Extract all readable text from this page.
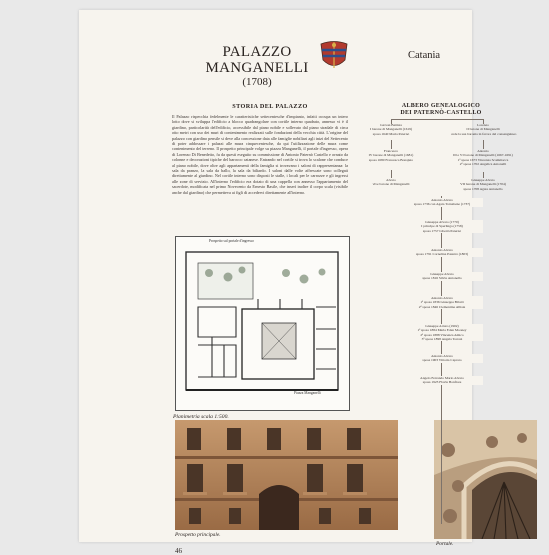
PALAZZO
MANGANELLI
(1708)
Catania
STORIA DEL PALAZZO
Il Palazzo rispecchia fedelmente le caratteristiche settecentesche d'impianto, infatti occupa un intero lotto dove si sviluppa l'edificio a blocco quadrangolare con cortile interno quadrato, annesso vi è il giardino, particolarità dell'edificio, accessibile dal piano nobile e sollevato dal piano stradale di circa otto metri con uso dei muri di contenimento realizzati sulle fondazioni della vecchia città. L'origine del palazzo con giardino pensile si deve alla concessione data alle famiglie nobiliari agli inizi del Settecento di poter addossare i palazzi alle mura cinquecentesche, da qui l'utilizzazione delle mura come contenimento del terreno. Il prospetto principale volge su piazza Manganelli, il portale d'ingresso, opera di Lorenzo Di Benedetto, fu da questi eseguito su commissione di Antonio Paternò Castello e ornato da colonne e decorazioni tipiche del barocco catanese. Entrando nel cortile si trova lo scalone che conduce al piano nobile, dove oltre agli appartamenti della famiglia si trovavano i saloni di rappresentanza: la sala da pranzo, la sala da ballo, la sala da biliardo. I saloni dalle volte affrescate sono collegati direttamente al giardino. Nel cortile interno sono disposti le stalle, i locali per le carrozze e gli ingressi alle zone di servizio. All'interno l'edificio era dotato di una cappella con annesso l'appartamento del sacerdote, modificata nel primo Novecento da Ernesto Basile, che inserì inoltre il corpo scala (visibile anche dal giardino) che permetteva ai figli di accedervi direttamente all'interno.
Prospetto sul portale d'ingresso
Piazza Manganelli
Planimetria scala 1:500.
Prospetto principale.
Portale.
46
ALBERO GENEALOGICO
DEI PATERNÒ-CASTELLO
Giovan Battista
I barone di Manganelli (1619)
sposa 1640 Maria Paternò
Lorenzo
II barone di Manganelli
cede la sua baronia in favore del consanguineo
Francesco
IV barone di Manganelli (1681)
sposa 1680 Francesca Bonajuto
Antonio
III e VI barone di Manganelli (1667-1691)
1ª sposa 1673 Vincenza Scammacca
2ª sposa 1702 Angelica Antonelli
Alvaro
vive barone di Manganelli
Giuseppe Alvaro
VII barone di Manganelli (1704)
sposa 1708 Agata Antonello
Antonio Alvaro
sposa 1736 con Agata Tornabene (1737)
Giuseppe Alvaro (1770)
I principe di Sperlinga (1758)
sposa 1757 Libertà Paternò
Antonio Alvaro
sposa 1791 Cornelina Paternò (1803)
Giuseppe Alvaro
sposa 1816 Silvia Antonello
Antonio Alvaro
1ª sposa 1836 Giuseppa Bilotti
2ª sposa 1846 Clementina Alliata
Giuseppe Arturo (1902)
1ª sposa 1884 Maria Eden Mooney
2ª sposa 1888 Vincenza Amico
3ª sposa 1898 Angela Torresi
Antonio Alvaro
sposa 1903 Vittoria Capraro
Angelo Ferrando Mario Alvaro
sposa 1923 Flavia Bonfiore
